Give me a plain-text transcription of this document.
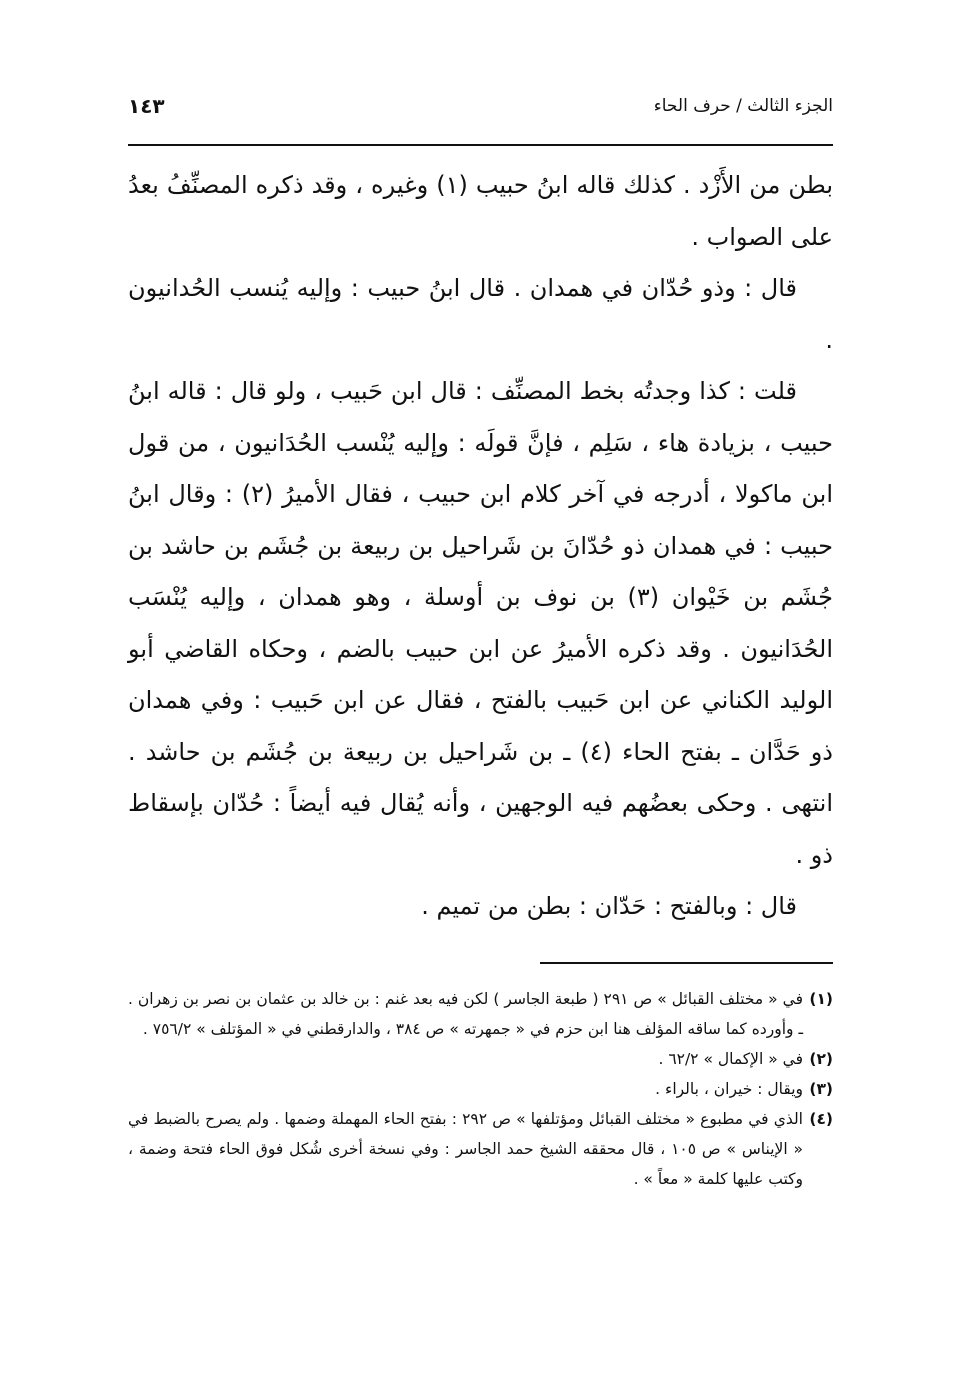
الجزء الثالث / حرف الحاء
١٤٣

بطن من الأَزْد . كذلك قاله ابنُ حبيب (١) وغيره ، وقد ذكره المصنِّفُ بعدُ على الصواب .

قال : وذو حُدّان في همدان . قال ابنُ حبيب : وإليه يُنسب الحُدانيون .

قلت : كذا وجدتُه بخط المصنِّف : قال ابن حَبيب ، ولو قال : قاله ابنُ حبيب ، بزيادة هاء ، سَلِم ، فإنَّ قولَه : وإليه يُنْسب الحُدَانيون ، من قول ابن ماكولا ، أدرجه في آخر كلام ابن حبيب ، فقال الأميرُ (٢) : وقال ابنُ حبيب : في همدان ذو حُدّانَ بن شَراحيل بن ربيعة بن جُشَم بن حاشد بن جُشَم بن خَيْوان (٣) بن نوف بن أوسلة ، وهو همدان ، وإليه يُنْسَب الحُدَانيون . وقد ذكره الأميرُ عن ابن حبيب بالضم ، وحكاه القاضي أبو الوليد الكناني عن ابن حَبيب بالفتح ، فقال عن ابن حَبيب : وفي همدان ذو حَدَّان ـ بفتح الحاء (٤) ـ بن شَراحيل بن ربيعة بن جُشَم بن حاشد . انتهى . وحكى بعضُهم فيه الوجهين ، وأنه يُقال فيه أيضاً : حُدّان بإسقاط ذو .

قال : وبالفتح : حَدّان : بطن من تميم .

(١)
في « مختلف القبائل » ص ٢٩١ ( طبعة الجاسر ) لكن فيه بعد غنم : بن خالد بن عثمان بن نصر بن زهران . ـ وأورده كما ساقه المؤلف هنا ابن حزم في « جمهرته » ص ٣٨٤ ، والدارقطني في « المؤتلف » ٧٥٦/٢ .
(٢)
في « الإكمال » ٦٢/٢ .
(٣)
ويقال : خيران ، بالراء .
(٤)
الذي في مطبوع « مختلف القبائل ومؤتلفها » ص ٢٩٢ : بفتح الحاء المهملة وضمها . ولم يصرح بالضبط في « الإيناس » ص ١٠٥ ، قال محققه الشيخ حمد الجاسر : وفي نسخة أخرى شُكل فوق الحاء فتحة وضمة ، وكتب عليها كلمة « معاً » .
